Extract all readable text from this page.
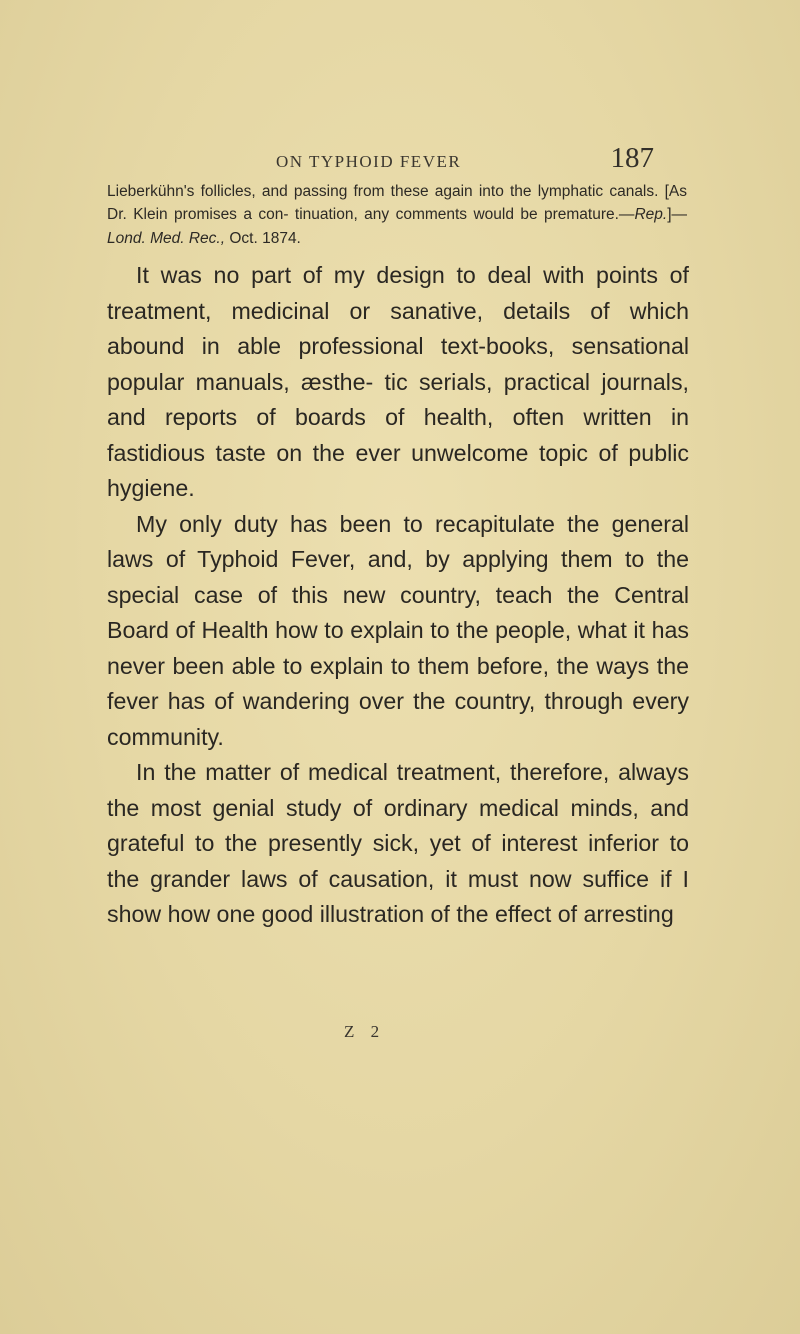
ON TYPHOID FEVER	187
Lieberkühn's follicles, and passing from these again into the lymphatic canals. [As Dr. Klein promises a con- tinuation, any comments would be premature.—Rep.]— Lond. Med. Rec., Oct. 1874.

It was no part of my design to deal with points of treatment, medicinal or sanative, details of which abound in able professional text-books, sensational popular manuals, æsthe- tic serials, practical journals, and reports of boards of health, often written in fastidious taste on the ever unwelcome topic of public hygiene.

My only duty has been to recapitulate the general laws of Typhoid Fever, and, by applying them to the special case of this new country, teach the Central Board of Health how to explain to the people, what it has never been able to explain to them before, the ways the fever has of wandering over the country, through every community.

In the matter of medical treatment, therefore, always the most genial study of ordinary medical minds, and grateful to the presently sick, yet of interest inferior to the grander laws of causation, it must now suffice if I show how one good illustration of the effect of arresting

Z 2
